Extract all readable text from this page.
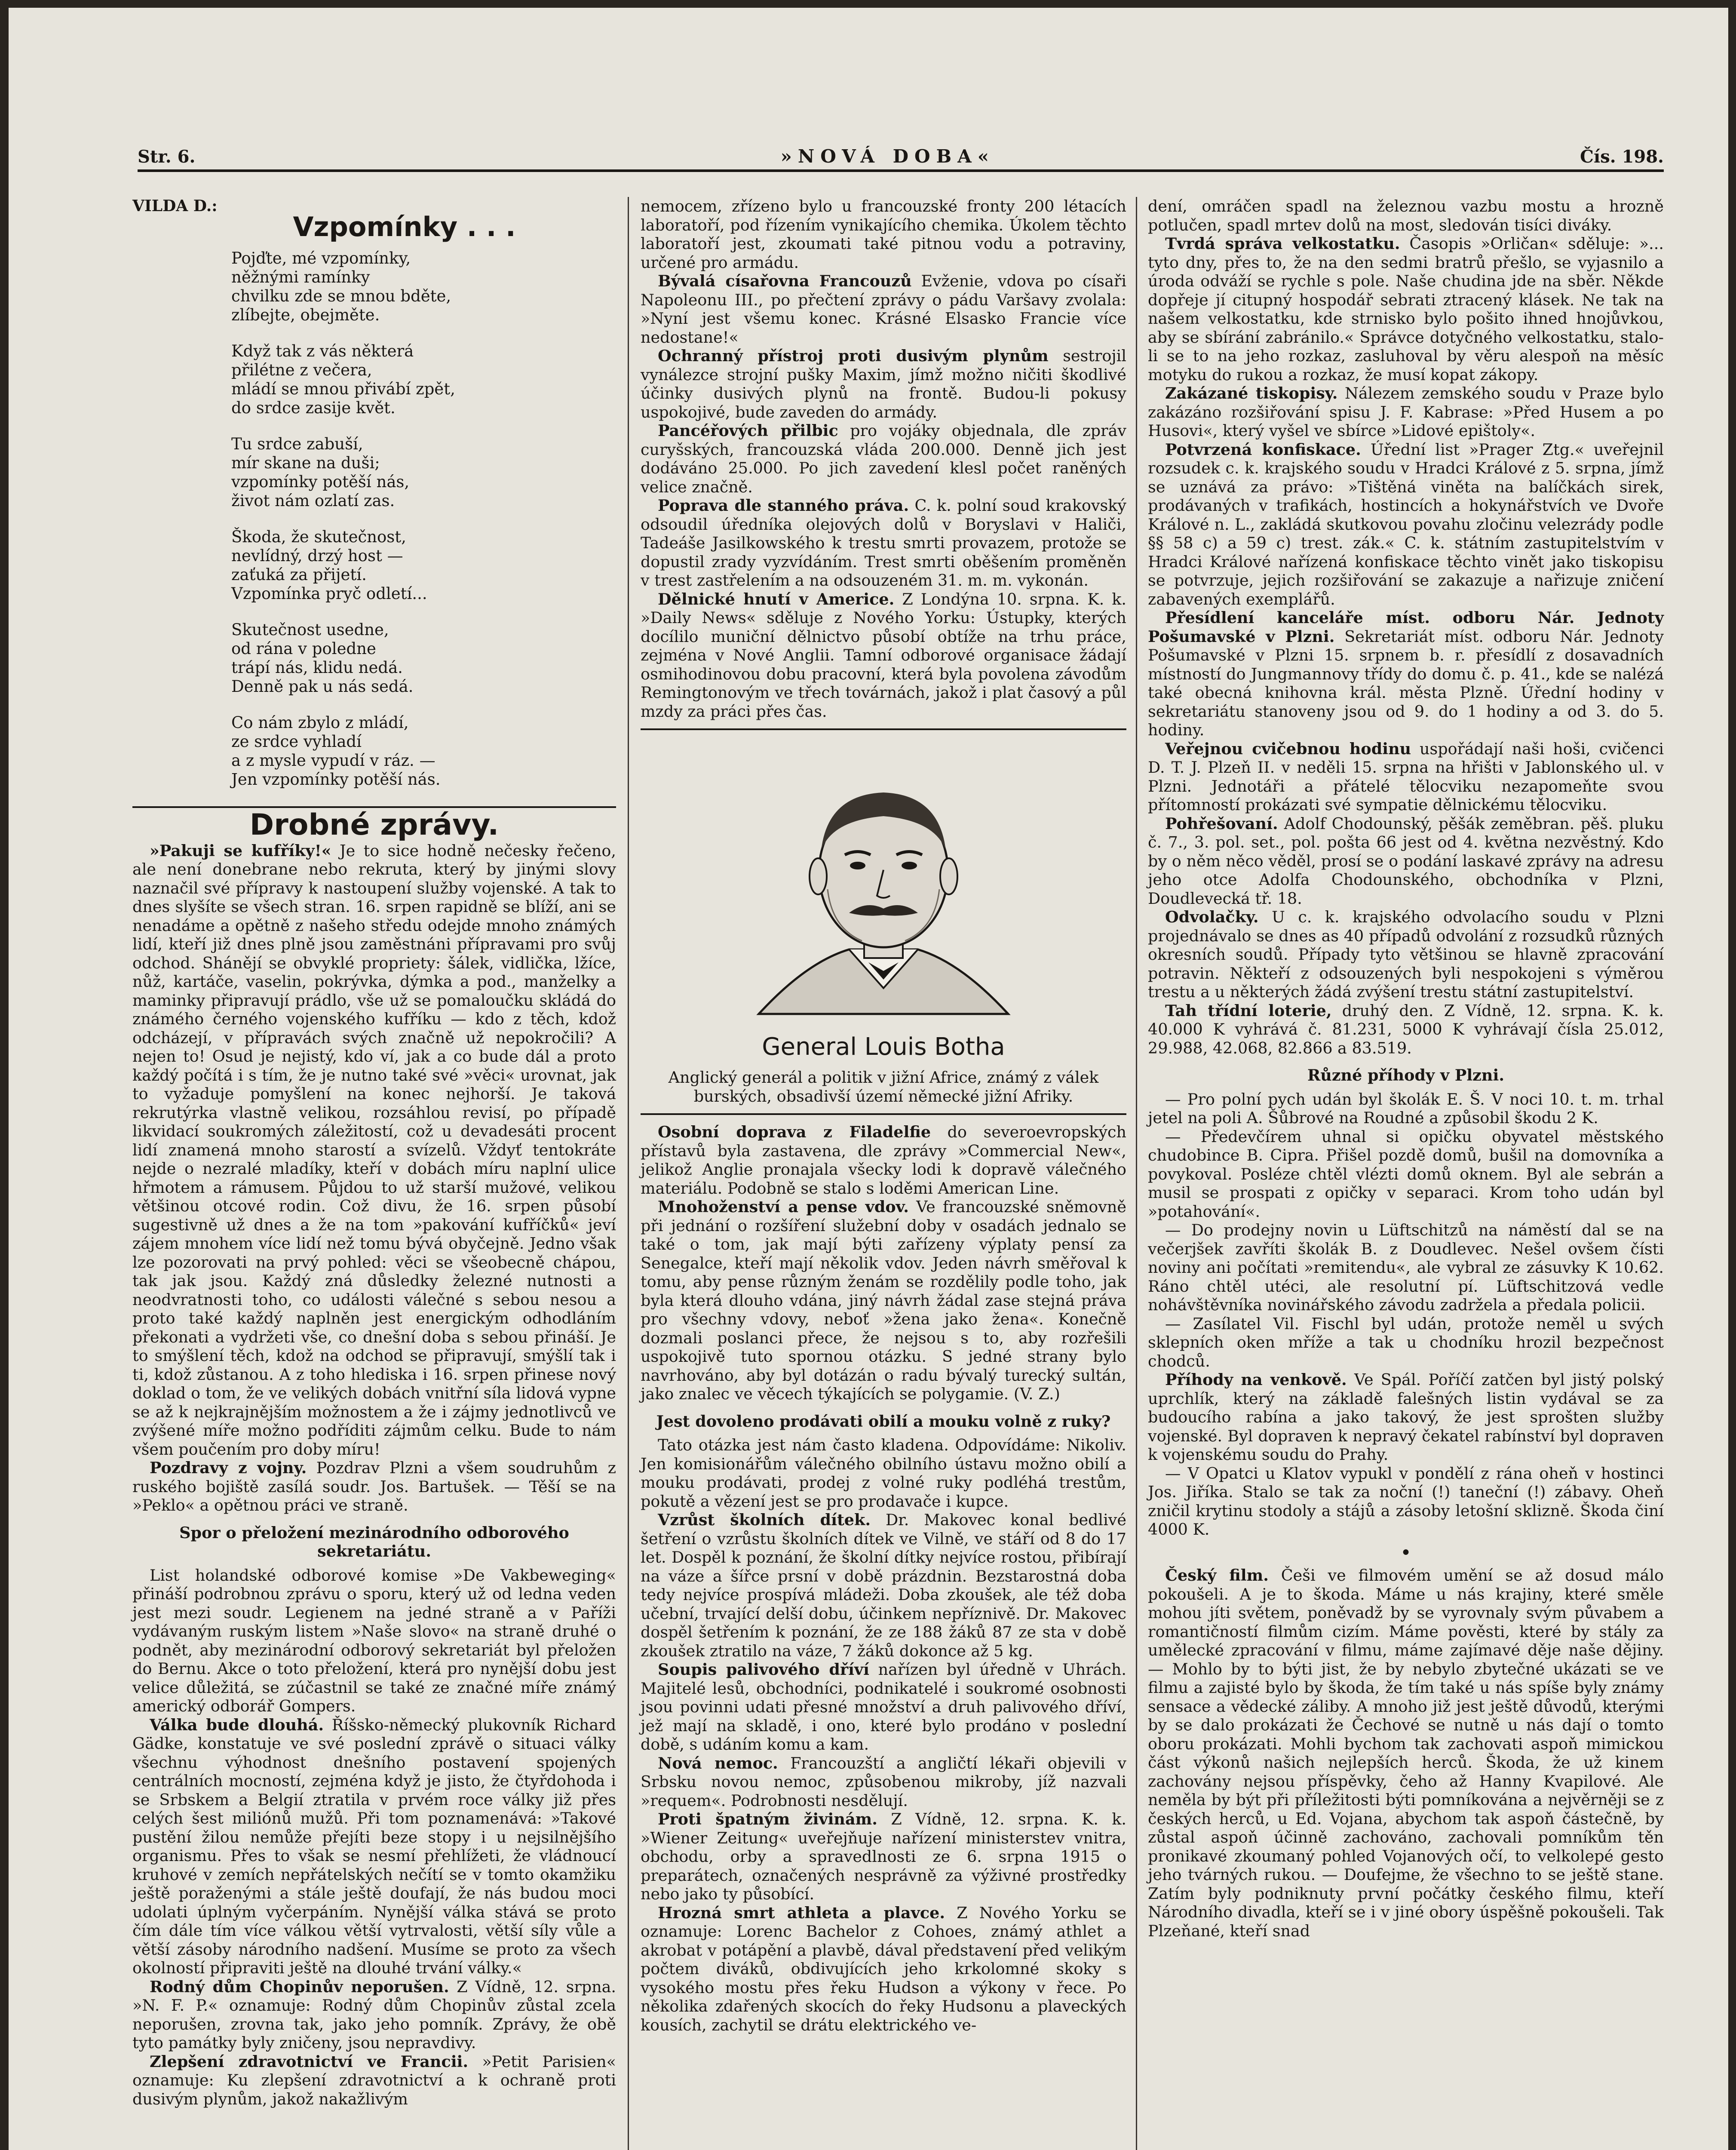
Str. 6.	»NOVÁ DOBA«	Čís. 198.
VILDA D.:
Vzpomínky . . .
Pojďte, mé vzpomínky,
něžnými ramínky
chvilku zde se mnou bděte,
zlíbejte, obejměte.
Když tak z vás některá
přilétne z večera,
mládí se mnou přivábí zpět,
do srdce zasije květ.
Tu srdce zabuší,
mír skane na duši;
vzpomínky potěší nás,
život nám ozlatí zas.
Škoda, že skutečnost,
nevlídný, drzý host —
zaťuká za přijetí.
Vzpomínka pryč odletí...
Skutečnost usedne,
od rána v poledne
trápí nás, klidu nedá.
Denně pak u nás sedá.
Co nám zbylo z mládí,
ze srdce vyhladí
a z mysle vypudí v ráz. —
Jen vzpomínky potěší nás.
Drobné zprávy.

»Pakuji se kufříky!« Je to sice hodně nečesky řečeno, ale není donebrane nebo rekruta, který by jinými slovy naznačil své přípravy k nastoupení služby vojenské. A tak to dnes slyšíte se všech stran. 16. srpen rapidně se blíží, ani se nenadáme a opětně z našeho středu odejde mnoho známých lidí, kteří již dnes plně jsou zaměstnáni přípravami pro svůj odchod. Shánějí se obvyklé propriety: šálek, vidlička, lžíce, nůž, kartáče, vaselin, pokrývka, dýmka a pod., manželky a maminky připravují prádlo, vše už se pomaloučku skládá do známého černého vojenského kufříku — kdo z těch, kdož odcházejí, v přípravách svých značně už nepokročili? A nejen to! Osud je nejistý, kdo ví, jak a co bude dál a proto každý počítá i s tím, že je nutno také své »věci« urovnat, jak to vyžaduje pomyšlení na konec nejhorší. Je taková rekrutýrka vlastně velikou, rozsáhlou revisí, po případě likvidací soukromých záležitostí, což u devadesáti procent lidí znamená mnoho starostí a svízelů. Vždyť tentokráte nejde o nezralé mladíky, kteří v dobách míru naplní ulice hřmotem a rámusem. Půjdou to už starší mužové, velikou většinou otcové rodin. Což divu, že 16. srpen působí sugestivně už dnes a že na tom »pakování kufříčků« jeví zájem mnohem více lidí než tomu bývá obyčejně. Jedno však lze pozorovati na prvý pohled: věci se všeobecně chápou, tak jak jsou. Každý zná důsledky železné nutnosti a neodvratnosti toho, co události válečné s sebou nesou a proto také každý naplněn jest energickým odhodláním překonati a vydržeti vše, co dnešní doba s sebou přináší. Je to smýšlení těch, kdož na odchod se připravují, smýšlí tak i ti, kdož zůstanou. A z toho hlediska i 16. srpen přinese nový doklad o tom, že ve velikých dobách vnitřní síla lidová vypne se až k nejkrajnějším možnostem a že i zájmy jednotlivců ve zvýšené míře možno podříditi zájmům celku. Bude to nám všem poučením pro doby míru!

Pozdravy z vojny. Pozdrav Plzni a všem soudruhům z ruského bojiště zasílá soudr. Jos. Bartušek. — Těší se na »Peklo« a opětnou práci ve straně.

Spor o přeložení mezinárodního odborového sekretariátu.

List holandské odborové komise »De Vakbeweging« přináší podrobnou zprávu o sporu, který už od ledna veden jest mezi soudr. Legienem na jedné straně a v Paříži vydávaným ruským listem »Naše slovo« na straně druhé o podnět, aby mezinárodní odborový sekretariát byl přeložen do Bernu. Akce o toto přeložení, která pro nynější dobu jest velice důležitá, se zúčastnil se také ze značné míře známý americký odborář Gompers.

Válka bude dlouhá. Říšsko-německý plukovník Richard Gädke, konstatuje ve své poslední zprávě o situaci války všechnu výhodnost dnešního postavení spojených centrálních mocností, zejména když je jisto, že čtyřdohoda i se Srbskem a Belgií ztratila v prvém roce války již přes celých šest miliónů mužů. Při tom poznamenává: »Takové pustění žilou nemůže přejíti beze stopy i u nejsilnějšího organismu. Přes to však se nesmí přehlížeti, že vládnoucí kruhové v zemích nepřátelských nečítí se v tomto okamžiku ještě poraženými a stále ještě doufají, že nás budou moci udolati úplným vyčerpáním. Nynější válka stává se proto čím dále tím více válkou větší vytrvalosti, větší síly vůle a větší zásoby národního nadšení. Musíme se proto za všech okolností připraviti ještě na dlouhé trvání války.«

Rodný dům Chopinův neporušen. Z Vídně, 12. srpna. »N. F. P.« oznamuje: Rodný dům Chopinův zůstal zcela neporušen, zrovna tak, jako jeho pomník. Zprávy, že obě tyto památky byly zničeny, jsou nepravdivy.

Zlepšení zdravotnictví ve Francii. »Petit Parisien« oznamuje: Ku zlepšení zdravotnictví a k ochraně proti dusivým plynům, jakož nakažlivým

nemocem, zřízeno bylo u francouzské fronty 200 létacích laboratoří, pod řízením vynikajícího chemika. Úkolem těchto laboratoří jest, zkoumati také pitnou vodu a potraviny, určené pro armádu.

Bývalá císařovna Francouzů Evženie, vdova po císaři Napoleonu III., po přečtení zprávy o pádu Varšavy zvolala: »Nyní jest všemu konec. Krásné Elsasko Francie více nedostane!«

Ochranný přístroj proti dusivým plynům sestrojil vynálezce strojní pušky Maxim, jímž možno ničiti škodlivé účinky dusivých plynů na frontě. Budou-li pokusy uspokojivé, bude zaveden do armády.

Pancéřových přilbic pro vojáky objednala, dle zpráv curyšských, francouzská vláda 200.000. Denně jich jest dodáváno 25.000. Po jich zavedení klesl počet raněných velice značně.

Poprava dle stanného práva. C. k. polní soud krakovský odsoudil úředníka olejových dolů v Boryslavi v Haliči, Tadeáše Jasilkowského k trestu smrti provazem, protože se dopustil zrady vyzvídáním. Trest smrti oběšením proměněn v trest zastřelením a na odsouzeném 31. m. m. vykonán.

Dělnické hnutí v Americe. Z Londýna 10. srpna. K. k. »Daily News« sděluje z Nového Yorku: Ústupky, kterých docílilo muniční dělnictvo působí obtíže na trhu práce, zejména v Nové Anglii. Tamní odborové organisace žádají osmihodinovou dobu pracovní, která byla povolena závodům Remingtonovým ve třech továrnách, jakož i plat časový a půl mzdy za práci přes čas.

General Louis Botha

Anglický generál a politik v jižní Africe, známý z válek burských, obsadivší území německé jižní Afriky.

Osobní doprava z Filadelfie do severoevropských přístavů byla zastavena, dle zprávy »Commercial New«, jelikož Anglie pronajala všecky lodi k dopravě válečného materiálu. Podobně se stalo s loděmi American Line.

Mnohoženství a pense vdov. Ve francouzské sněmovně při jednání o rozšíření služební doby v osadách jednalo se také o tom, jak mají býti zařízeny výplaty pensí za Senegalce, kteří mají několik vdov. Jeden návrh směřoval k tomu, aby pense různým ženám se rozdělily podle toho, jak byla která dlouho vdána, jiný návrh žádal zase stejná práva pro všechny vdovy, neboť »žena jako žena«. Konečně dozmali poslanci přece, že nejsou s to, aby rozřešili uspokojivě tuto spornou otázku. S jedné strany bylo navrhováno, aby byl dotázán o radu bývalý turecký sultán, jako znalec ve věcech týkajících se polygamie. (V. Z.)

Jest dovoleno prodávati obilí a mouku volně z ruky?

Tato otázka jest nám často kladena. Odpovídáme: Nikoliv. Jen komisionářům válečného obilního ústavu možno obilí a mouku prodávati, prodej z volné ruky podléhá trestům, pokutě a vězení jest se pro prodavače i kupce.

Vzrůst školních dítek. Dr. Makovec konal bedlivé šetření o vzrůstu školních dítek ve Vilně, ve stáří od 8 do 17 let. Dospěl k poznání, že školní dítky nejvíce rostou, přibírají na váze a šířce prsní v době prázdnin. Bezstarostná doba tedy nejvíce prospívá mládeži. Doba zkoušek, ale též doba učební, trvající delší dobu, účinkem nepříznivě. Dr. Makovec dospěl šetřením k poznání, že ze 188 žáků 87 ze sta v době zkoušek ztratilo na váze, 7 žáků dokonce až 5 kg.

Soupis palivového dříví nařízen byl úředně v Uhrách. Majitelé lesů, obchodníci, podnikatelé i soukromé osobnosti jsou povinni udati přesné množství a druh palivového dříví, jež mají na skladě, i ono, které bylo prodáno v poslední době, s udáním komu a kam.

Nová nemoc. Francouzští a angličtí lékaři objevili v Srbsku novou nemoc, způsobenou mikroby, jíž nazvali »requem«. Podrobnosti nesdělují.

Proti špatným živinám. Z Vídně, 12. srpna. K. k. »Wiener Zeitung« uveřejňuje nařízení ministerstev vnitra, obchodu, orby a spravedlnosti ze 6. srpna 1915 o preparátech, označených nesprávně za výživné prostředky nebo jako ty působící.

Hrozná smrt athleta a plavce. Z Nového Yorku se oznamuje: Lorenc Bachelor z Cohoes, známý athlet a akrobat v potápění a plavbě, dával představení před velikým počtem diváků, obdivujících jeho krkolomné skoky s vysokého mostu přes řeku Hudson a výkony v řece. Po několika zdařených skocích do řeky Hudsonu a plaveckých kousích, zachytil se drátu elektrického ve-

dení, omráčen spadl na železnou vazbu mostu a hrozně potlučen, spadl mrtev dolů na most, sledován tisíci diváky.

Tvrdá správa velkostatku. Časopis »Orličan« sděluje: »... tyto dny, přes to, že na den sedmi bratrů přešlo, se vyjasnilo a úroda odváží se rychle s pole. Naše chudina jde na sběr. Někde dopřeje jí citupný hospodář sebrati ztracený klásek. Ne tak na našem velkostatku, kde strnisko bylo pošito ihned hnojůvkou, aby se sbírání zabránilo.« Správce dotyčného velkostatku, stalo-li se to na jeho rozkaz, zasluhoval by věru alespoň na měsíc motyku do rukou a rozkaz, že musí kopat zákopy.

Zakázané tiskopisy. Nálezem zemského soudu v Praze bylo zakázáno rozšiřování spisu J. F. Kabrase: »Před Husem a po Husovi«, který vyšel ve sbírce »Lidové epištoly«.

Potvrzená konfiskace. Úřední list »Prager Ztg.« uveřejnil rozsudek c. k. krajského soudu v Hradci Králové z 5. srpna, jímž se uznává za právo: »Tištěná viněta na balíčkách sirek, prodávaných v trafikách, hostincích a hokynářstvích ve Dvoře Králové n. L., zakládá skutkovou povahu zločinu velezrády podle §§ 58 c) a 59 c) trest. zák.« C. k. státním zastupitelstvím v Hradci Králové nařízená konfiskace těchto vinět jako tiskopisu se potvrzuje, jejich rozšiřování se zakazuje a nařizuje zničení zabavených exemplářů.

Přesídlení kanceláře míst. odboru Nár. Jednoty Pošumavské v Plzni. Sekretariát míst. odboru Nár. Jednoty Pošumavské v Plzni 15. srpnem b. r. přesídlí z dosavadních místností do Jungmannovy třídy do domu č. p. 41., kde se nalézá také obecná knihovna král. města Plzně. Úřední hodiny v sekretariátu stanoveny jsou od 9. do 1 hodiny a od 3. do 5. hodiny.

Veřejnou cvičebnou hodinu uspořádají naši hoši, cvičenci D. T. J. Plzeň II. v neděli 15. srpna na hřišti v Jablonského ul. v Plzni. Jednotáři a přátelé tělocviku nezapomeňte svou přítomností prokázati své sympatie dělnickému tělocviku.

Pohřešovaní. Adolf Chodounský, pěšák zeměbran. pěš. pluku č. 7., 3. pol. set., pol. pošta 66 jest od 4. května nezvěstný. Kdo by o něm něco věděl, prosí se o podání laskavé zprávy na adresu jeho otce Adolfa Chodounského, obchodníka v Plzni, Doudlevecká tř. 18.

Odvolačky. U c. k. krajského odvolacího soudu v Plzni projednávalo se dnes as 40 případů odvolání z rozsudků různých okresních soudů. Případy tyto většinou se hlavně zpracování potravin. Někteří z odsouzených byli nespokojeni s výměrou trestu a u některých žádá zvýšení trestu státní zastupitelství.

Tah třídní loterie, druhý den. Z Vídně, 12. srpna. K. k. 40.000 K vyhrává č. 81.231, 5000 K vyhrávají čísla 25.012, 29.988, 42.068, 82.866 a 83.519.

Různé příhody v Plzni.

— Pro polní pych udán byl školák E. Š. V noci 10. t. m. trhal jetel na poli A. Šůbrové na Roudné a způsobil škodu 2 K.

— Předevčírem uhnal si opičku obyvatel městského chudobince B. Cipra. Přišel pozdě domů, bušil na domovníka a povykoval. Posléze chtěl vlézti domů oknem. Byl ale sebrán a musil se prospati z opičky v separaci. Krom toho udán byl »potahování«.

— Do prodejny novin u Lüftschitzů na náměstí dal se na večerjšek zavříti školák B. z Doudlevec. Nešel ovšem čísti noviny ani počítati »remitendu«, ale vybral ze zásuvky K 10.62. Ráno chtěl utéci, ale resolutní pí. Lüftschitzová vedle nohávštěvníka novinářského závodu zadržela a předala policii.

— Zasílatel Vil. Fischl byl udán, protože neměl u svých sklepních oken mříže a tak u chodníku hrozil bezpečnost chodců.

Příhody na venkově. Ve Spál. Poříčí zatčen byl jistý polský uprchlík, který na základě falešných listin vydával se za budoucího rabína a jako takový, že jest sprošten služby vojenské. Byl dopraven k nepravý čekatel rabínství byl dopraven k vojenskému soudu do Prahy.

— V Opatci u Klatov vypukl v pondělí z rána oheň v hostinci Jos. Jiříka. Stalo se tak za noční (!) taneční (!) zábavy. Oheň zničil krytinu stodoly a stájů a zásoby letošní sklizně. Škoda činí 4000 K.

•

Český film. Češi ve filmovém umění se až dosud málo pokoušeli. A je to škoda. Máme u nás krajiny, které směle mohou jíti světem, poněvadž by se vyrovnaly svým půvabem a romantičností filmům cizím. Máme pověsti, které by stály za umělecké zpracování v filmu, máme zajímavé děje naše dějiny. — Mohlo by to býti jist, že by nebylo zbytečné ukázati se ve filmu a zajisté bylo by škoda, že tím také u nás spíše byly známy sensace a vědecké záliby. A mnoho již jest ještě důvodů, kterými by se dalo prokázati že Čechové se nutně u nás dají o tomto oboru prokázati. Mohli bychom tak zachovati aspoň mimickou část výkonů našich nejlepších herců. Škoda, že už kinem zachovány nejsou příspěvky, čeho až Hanny Kvapilové. Ale neměla by být při příležitosti býti pomníkována a nejvěrněji se z českých herců, u Ed. Vojana, abychom tak aspoň částečně, by zůstal aspoň účinně zachováno, zachovali pomníkům těn pronikavé zkoumaný pohled Vojanových očí, to velkolepé gesto jeho tvárných rukou. — Doufejme, že všechno to se ještě stane. Zatím byly podniknuty první počátky českého filmu, kteří Národního divadla, kteří se i v jiné obory úspěšně pokoušeli. Tak Plzeňané, kteří snad
